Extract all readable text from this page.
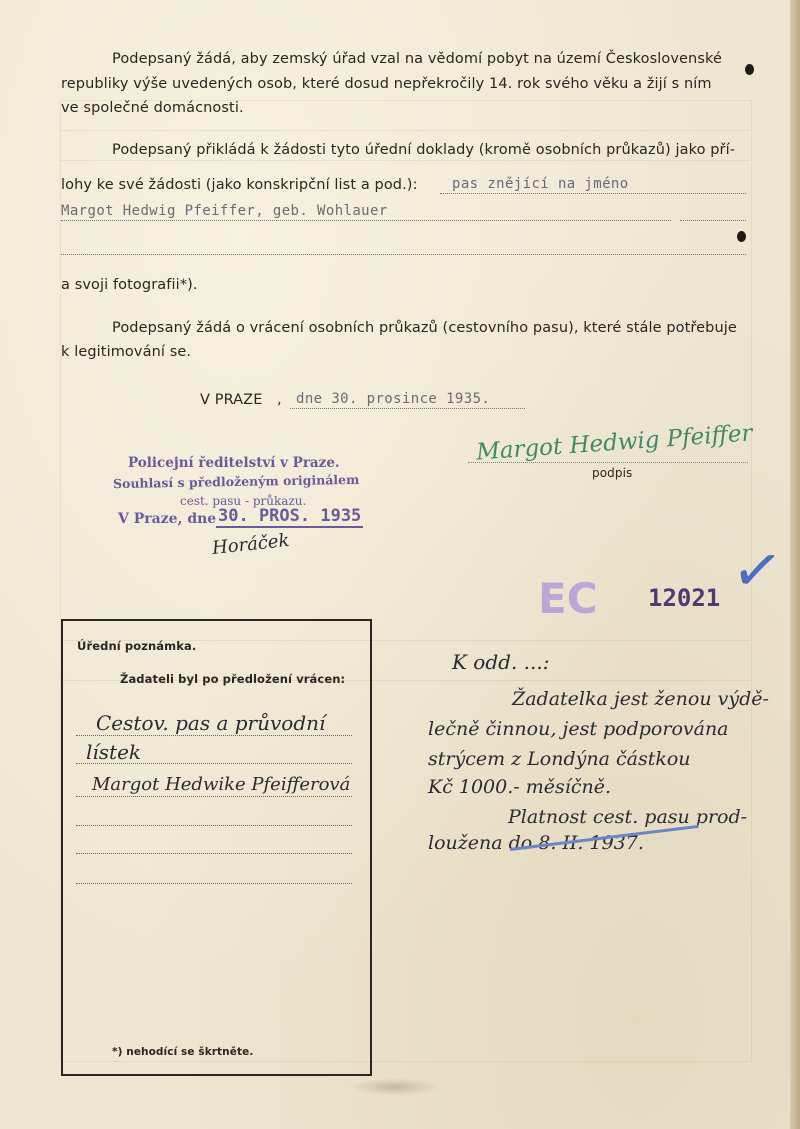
Podepsaný žádá, aby zemský úřad vzal na vědomí pobyt na území Československé
republiky výše uvedených osob, které dosud nepřekročily 14. rok svého věku a žijí s ním
ve společné domácnosti.
Podepsaný přikládá k žádosti tyto úřední doklady (kromě osobních průkazů) jako pří-
lohy ke své žádosti (jako konskripční list a pod.): pas znějící na jméno
Margot Hedwig Pfeiffer, geb. Wohlauer
a svoji fotografii*).
Podepsaný žádá o vrácení osobních průkazů (cestovního pasu), které stále potřebuje
k legitimování se.
V PRAZE , dne 30. prosince 1935.
Margot Hedwig Pfeiffer
podpis
Policejní ředitelství v Praze.
Souhlasí s předloženým originálem
cest. pasu - průkazu.
V Praze, dne 30. PROS. 1935
Horáček
EC 12021 ✓
Úřední poznámka.
Žadateli byl po předložení vrácen:
Cestov. pas a průvodní
lístek
Margot Hedwike Pfeifferová
K odd. ...:
Žadatelka jest ženou výdě-
lečně činnou, jest podporována
strýcem z Londýna částkou
Kč 1000.- měsíčně.
Platnost cest. pasu prod-
loužena do 8. II. 1937.
*) nehodící se škrtněte.
